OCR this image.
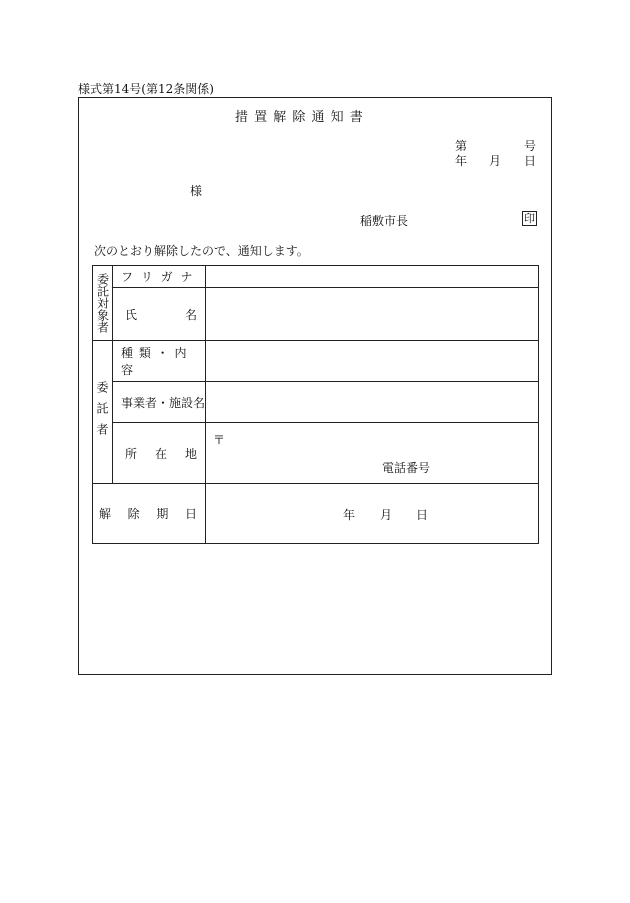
様式第14号(第12条関係)
措 置 解 除 通 知 書
第	号
年 月 日
様
稲敷市長	印
次のとおり解除したので、通知します。
委託対象者	フ リ ガ ナ	

	氏 名	

委託者	種 類 ・ 内 容	
	事業者・施設名	

	所 在 地	〒
電話番号

解 除 期 日		年 月 日
